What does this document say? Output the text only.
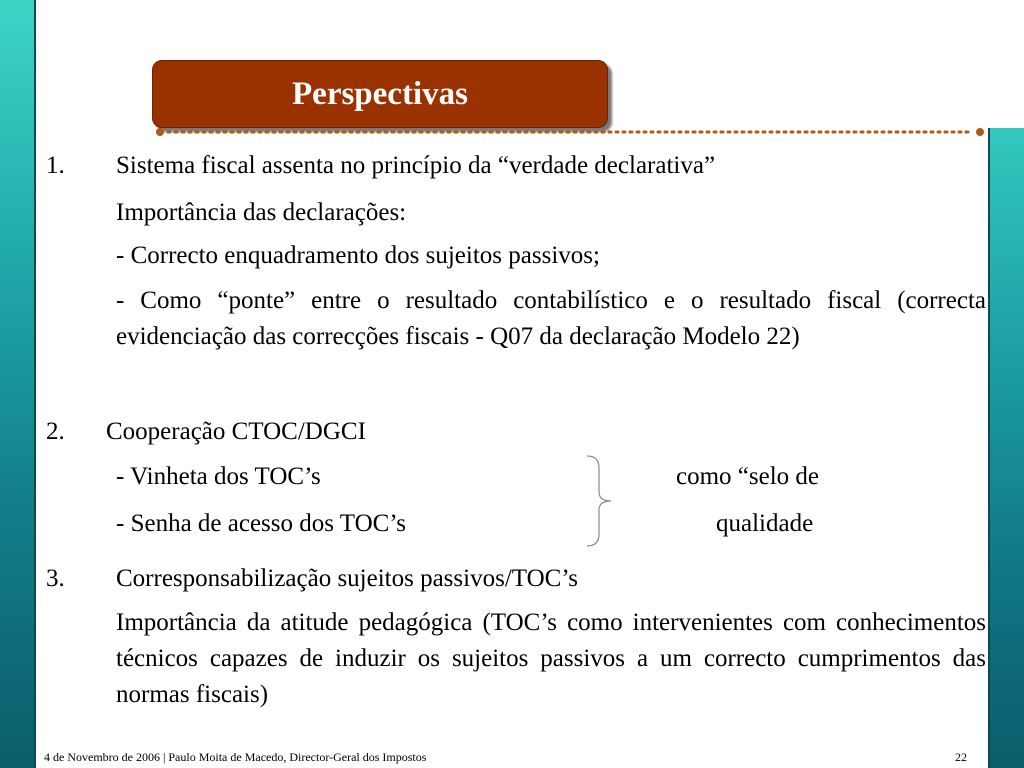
Perspectivas
1. Sistema fiscal assenta no princípio da “verdade declarativa”
Importância das declarações:
- Correcto enquadramento dos sujeitos passivos;
- Como “ponte” entre o resultado contabilístico e o resultado fiscal (correcta evidenciação das correcções fiscais - Q07 da declaração Modelo 22)
2. Cooperação CTOC/DGCI
- Vinheta dos TOC’s
- Senha de acesso dos TOC’s
como “selo de
qualidade
3. Corresponsabilização sujeitos passivos/TOC’s
Importância da atitude pedagógica (TOC’s como intervenientes com conhecimentos técnicos capazes de induzir os sujeitos passivos a um correcto cumprimentos das normas fiscais)
4 de Novembro de 2006 | Paulo Moita de Macedo, Director-Geral dos Impostos	22
